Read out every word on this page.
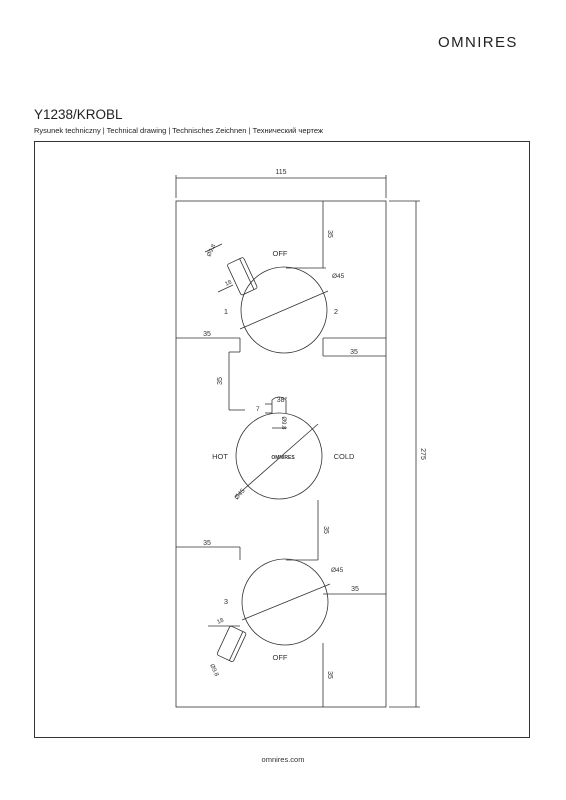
OMNIRES
Y1238/KROBL
Rysunek techniczny | Technical drawing | Technisches Zeichnen | Технический чертеж
115
275
35
Ø45
35
35
35
Ø45
35
35
Ø45
35
35
Ø9.8
18
18
Ø9.8
7
38°
Ø9.8
OFF
1	2
HOT	COLD
OMNIRES
3
OFF
omnires.com
